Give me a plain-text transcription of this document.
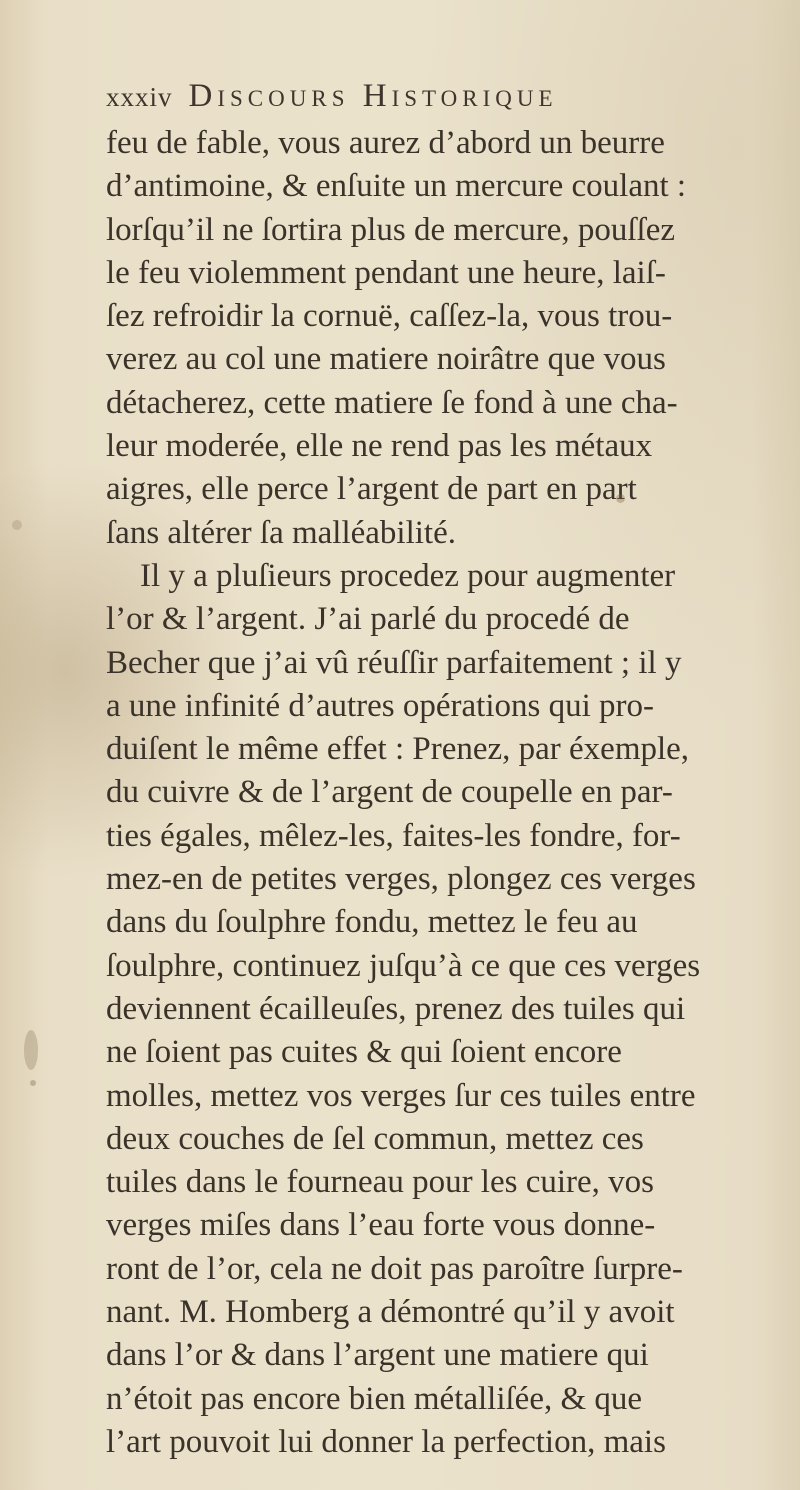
xxxiv Discours Historique
feu de fable, vous aurez d’abord un beurre
d’antimoine, & enſuite un mercure coulant :
lorſqu’il ne ſortira plus de mercure, pouſſez
le feu violemment pendant une heure, laiſ-
ſez refroidir la cornuë, caſſez-la, vous trou-
verez au col une matiere noirâtre que vous
détacherez, cette matiere ſe fond à une cha-
leur moderée, elle ne rend pas les métaux
aigres, elle perce l’argent de part en part
ſans altérer ſa malléabilité.
Il y a pluſieurs procedez pour augmenter
l’or & l’argent. J’ai parlé du procedé de
Becher que j’ai vû réuſſir parfaitement ; il y
a une infinité d’autres opérations qui pro-
duiſent le même effet : Prenez, par éxemple,
du cuivre & de l’argent de coupelle en par-
ties égales, mêlez-les, faites-les fondre, for-
mez-en de petites verges, plongez ces verges
dans du ſoulphre fondu, mettez le feu au
ſoulphre, continuez juſqu’à ce que ces verges
deviennent écailleuſes, prenez des tuiles qui
ne ſoient pas cuites & qui ſoient encore
molles, mettez vos verges ſur ces tuiles entre
deux couches de ſel commun, mettez ces
tuiles dans le fourneau pour les cuire, vos
verges miſes dans l’eau forte vous donne-
ront de l’or, cela ne doit pas paroître ſurpre-
nant. M. Homberg a démontré qu’il y avoit
dans l’or & dans l’argent une matiere qui
n’étoit pas encore bien métalliſée, & que
l’art pouvoit lui donner la perfection, mais
